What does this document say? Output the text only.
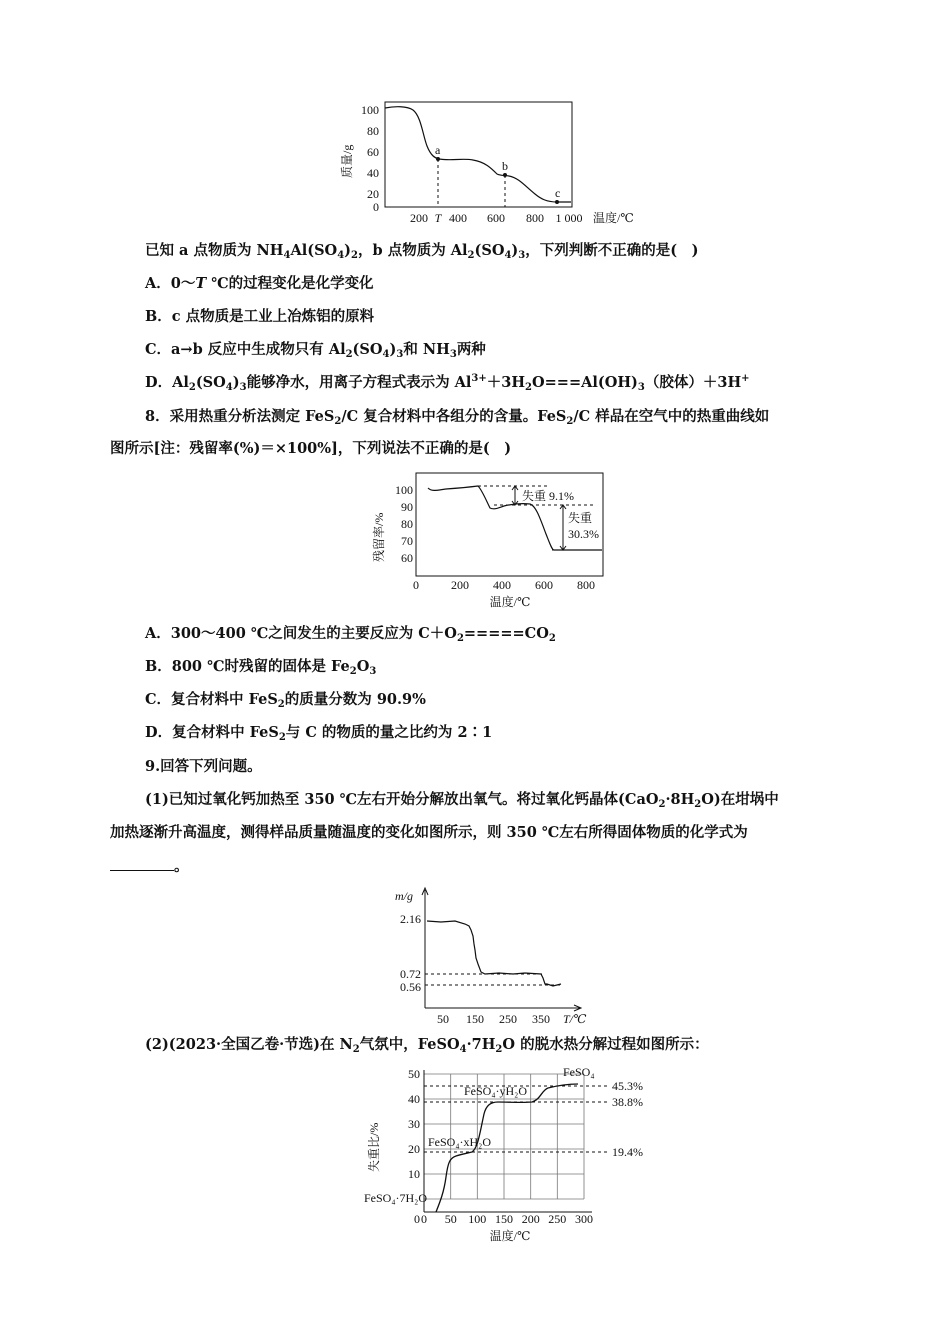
质量/g
100
80
60
40
20
0
200 T 400 600 800 1 000 温度/℃
a
b
c
已知 a 点物质为 $NH_4Al(SO_4)_2$，b 点物质为 $Al_2(SO_4)_3$，下列判断不正确的是(　)
A．0～T ℃的过程变化是化学变化
B．c 点物质是工业上冶炼铝的原料
C．a→b 反应中生成物只有 $Al_2(SO_4)_3$和 $NH_3$两种
D．$Al_2(SO_4)_3$能够净水，用离子方程式表示为 $Al^{3+}+3H_2O===Al(OH)_3$（胶体）＋3H+
8．采用热重分析法测定 FeS$_2$/C 复合材料中各组分的含量。FeS$_2$/C 样品在空气中的热重曲线如
图所示[注：残留率(%)＝×100%]，下列说法不正确的是(　)
残留率/%
100
90
80
70
60
0	200 400 600 800
温度/℃
失重 9.1%
失重
30.3%
A．300～400 ℃之间发生的主要反应为 $C+O_2=====CO_2$
B．800 ℃时残留的固体是 $Fe_2O_3$
C．复合材料中 FeS$_2$的质量分数为 90.9%
D．复合材料中 FeS$_2$与 C 的物质的量之比约为 2∶1
9.回答下列问题。
(1)已知过氧化钙加热至 350 ℃左右开始分解放出氧气。将过氧化钙晶体$(CaO_2\cdot 8H_2O)$在坩埚中
加热逐渐升高温度，测得样品质量随温度的变化如图所示，则 350 ℃左右所得固体物质的化学式为
。
m/g
2.16
0.72
0.56
50 150 250 350 T/℃
(2)(2023·全国乙卷·节选)在 $N_2$气氛中，$FeSO_4\cdot 7H_2O$ 的脱水热分解过程如图所示：
失重比/%
50
40
30
20
10
0 50 100 150 200 250 300
温度/℃
0
45.3%
38.8%
19.4%
FeSO₄
FeSO₄·yH₂O
FeSO₄·xH₂O
FeSO₄·7H₂O
